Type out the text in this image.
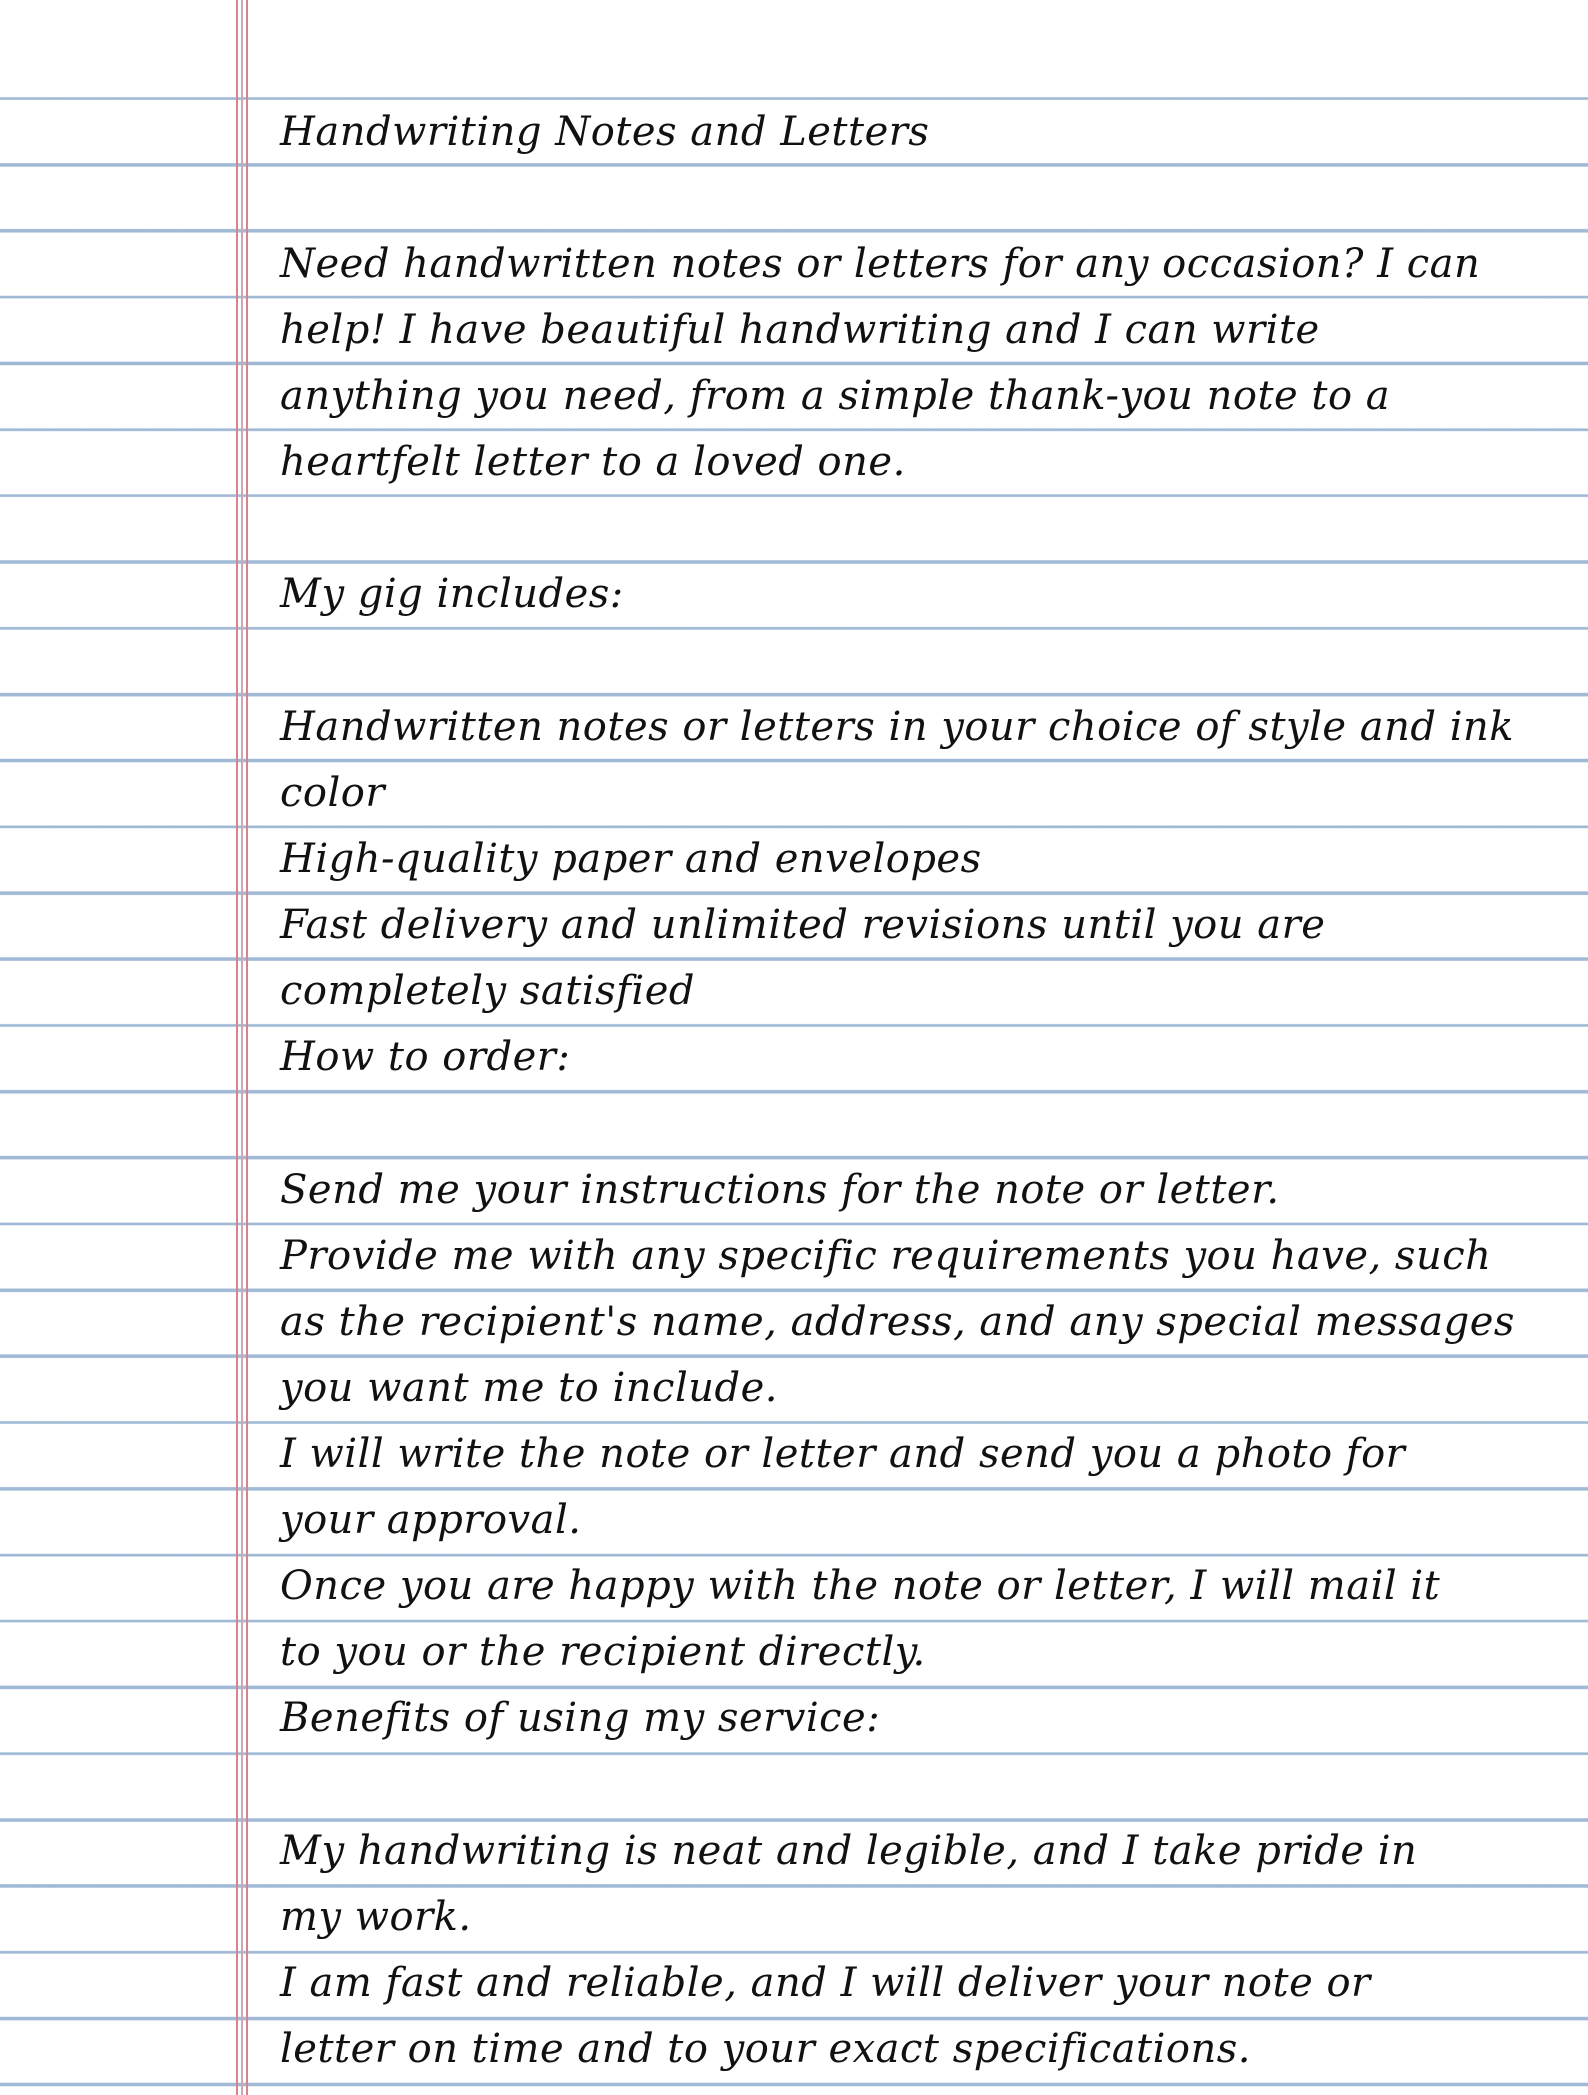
Handwriting Notes and Letters
Need handwritten notes or letters for any occasion? I can
help! I have beautiful handwriting and I can write
anything you need, from a simple thank-you note to a
heartfelt letter to a loved one.
My gig includes:
Handwritten notes or letters in your choice of style and ink
color
High-quality paper and envelopes
Fast delivery and unlimited revisions until you are
completely satisfied
How to order:
Send me your instructions for the note or letter.
Provide me with any specific requirements you have, such
as the recipient's name, address, and any special messages
you want me to include.
I will write the note or letter and send you a photo for
your approval.
Once you are happy with the note or letter, I will mail it
to you or the recipient directly.
Benefits of using my service:
My handwriting is neat and legible, and I take pride in
my work.
I am fast and reliable, and I will deliver your note or
letter on time and to your exact specifications.
